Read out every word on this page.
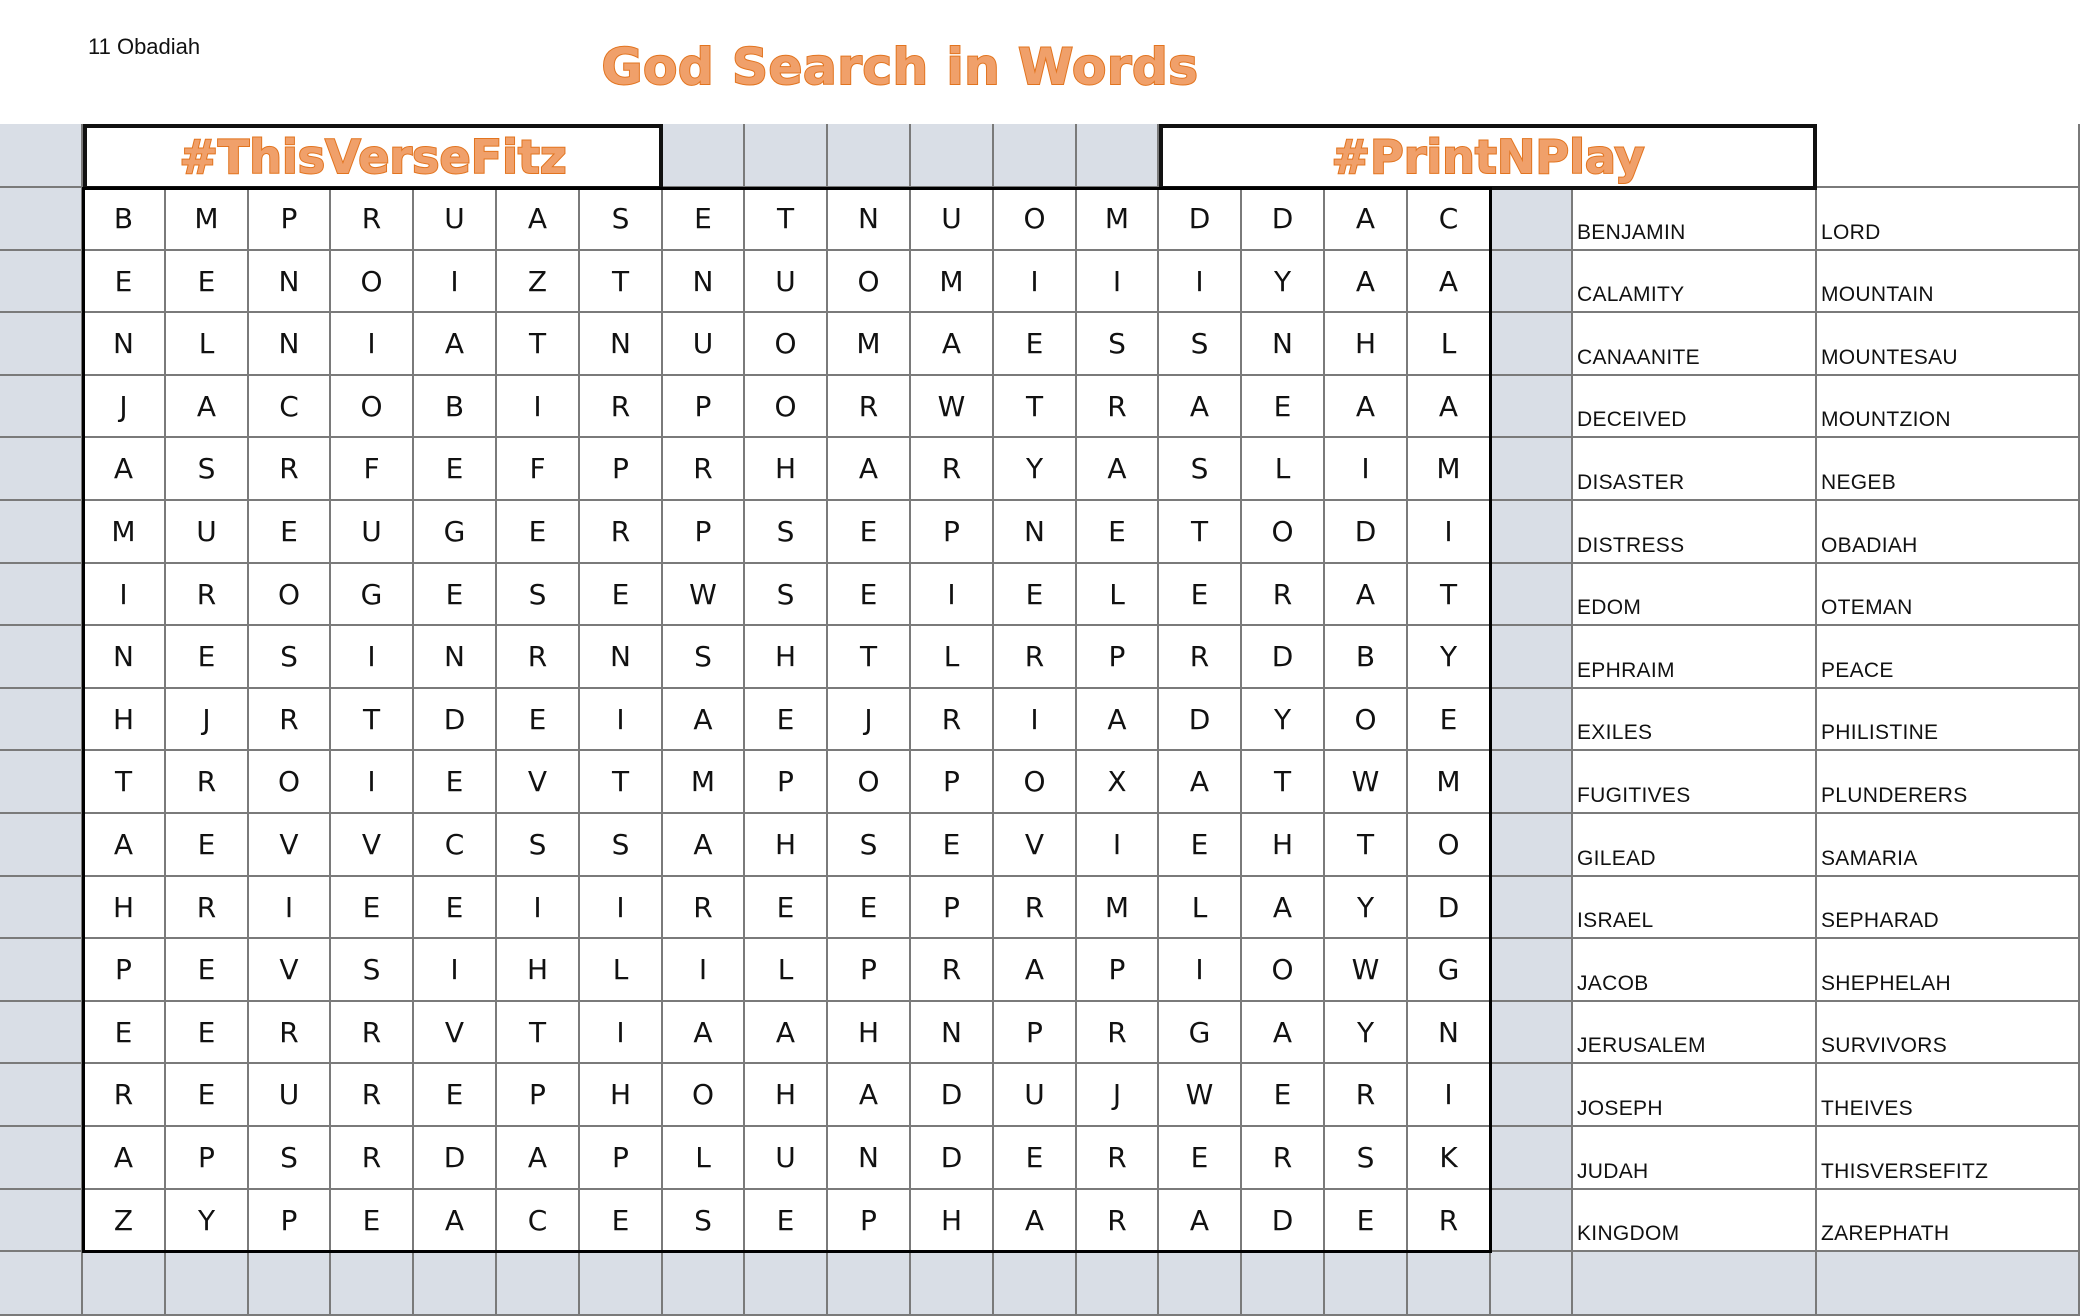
11 Obadiah	God Search in Words
B	M	P	R	U	A	S	E	T	N	U	O	M	D	D	A	C	BENJAMIN	LORD
E	E	N	O	I	Z	T	N	U	O	M	I	I	I	Y	A	A	CALAMITY	MOUNTAIN
N	L	N	I	A	T	N	U	O	M	A	E	S	S	N	H	L	CANAANITE	MOUNTESAU
J	A	C	O	B	I	R	P	O	R	W	T	R	A	E	A	A	DECEIVED	MOUNTZION
A	S	R	F	E	F	P	R	H	A	R	Y	A	S	L	I	M	DISASTER	NEGEB
M	U	E	U	G	E	R	P	S	E	P	N	E	T	O	D	I	DISTRESS	OBADIAH
I	R	O	G	E	S	E	W	S	E	I	E	L	E	R	A	T	EDOM	OTEMAN
N	E	S	I	N	R	N	S	H	T	L	R	P	R	D	B	Y	EPHRAIM	PEACE
H	J	R	T	D	E	I	A	E	J	R	I	A	D	Y	O	E	EXILES	PHILISTINE
T	R	O	I	E	V	T	M	P	O	P	O	X	A	T	W	M	FUGITIVES	PLUNDERERS
A	E	V	V	C	S	S	A	H	S	E	V	I	E	H	T	O	GILEAD	SAMARIA
H	R	I	E	E	I	I	R	E	E	P	R	M	L	A	Y	D	ISRAEL	SEPHARAD
P	E	V	S	I	H	L	I	L	P	R	A	P	I	O	W	G	JACOB	SHEPHELAH
E	E	R	R	V	T	I	A	A	H	N	P	R	G	A	Y	N	JERUSALEM	SURVIVORS
R	E	U	R	E	P	H	O	H	A	D	U	J	W	E	R	I	JOSEPH	THEIVES
A	P	S	R	D	A	P	L	U	N	D	E	R	E	R	S	K	JUDAH	THISVERSEFITZ
Z	Y	P	E	A	C	E	S	E	P	H	A	R	A	D	E	R	KINGDOM	ZAREPHATH
#ThisVerseFitz	#PrintNPlay
